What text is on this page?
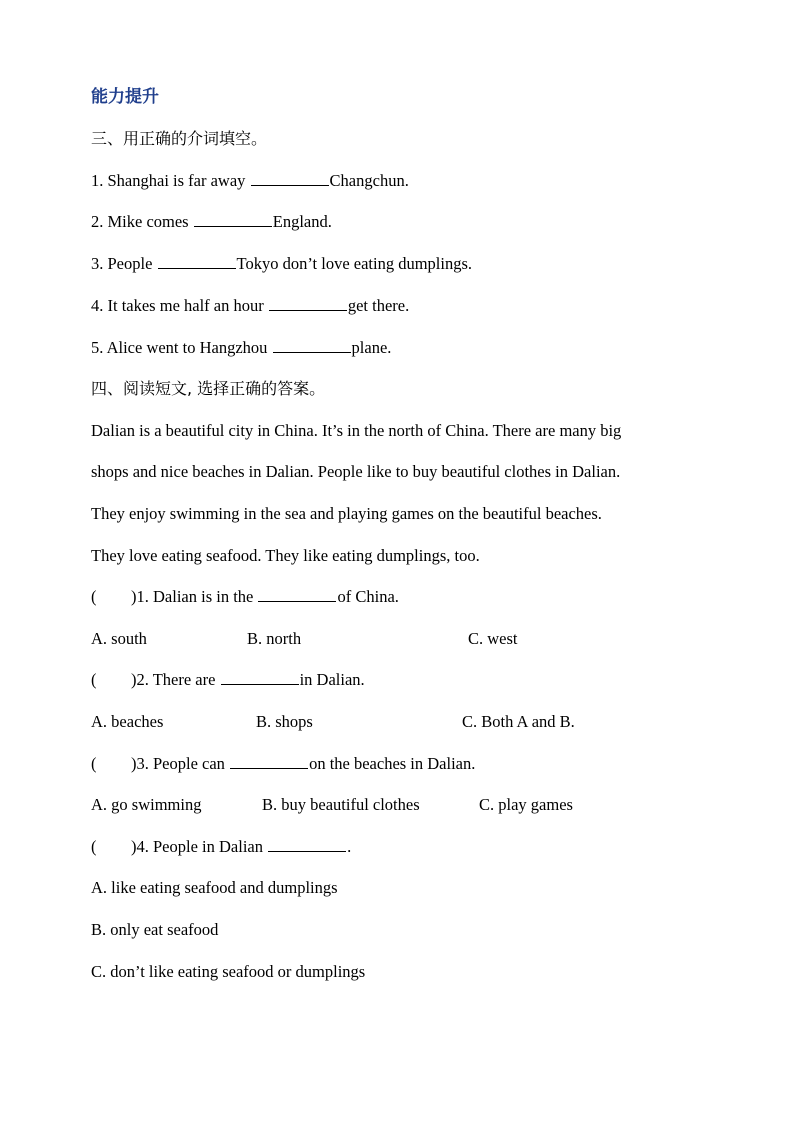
能力提升
三、用正确的介词填空。
1. Shanghai is far away	Changchun.
2. Mike comes	England.
3. People	Tokyo don’t love eating dumplings.
4. It takes me half an hour	get there.
5. Alice went to Hangzhou	plane.
四、阅读短文, 选择正确的答案。
Dalian is a beautiful city in China. It’s in the north of China. There are many big
shops and nice beaches in Dalian. People like to buy beautiful clothes in Dalian.
They enjoy swimming in the sea and playing games on the beautiful beaches.
They love eating seafood. They like eating dumplings, too.
( )1. Dalian is in the	of China.
A. south	B. north	C. west
( )2. There are	in Dalian.
A. beaches	B. shops	C. Both A and B.
( )3. People can	on the beaches in Dalian.
A. go swimming	B. buy beautiful clothes	C. play games
( )4. People in Dalian	.
A. like eating seafood and dumplings
B. only eat seafood
C. don’t like eating seafood or dumplings
